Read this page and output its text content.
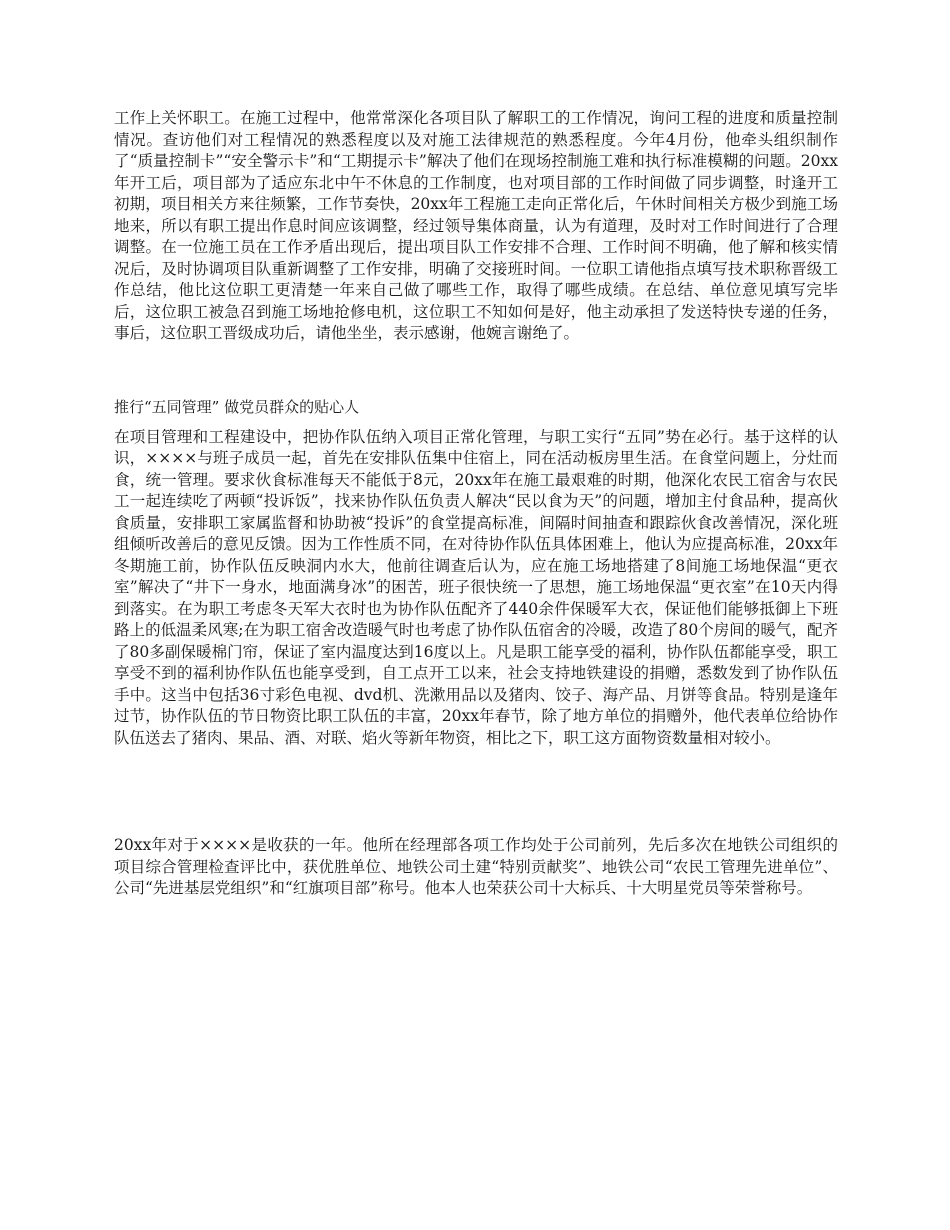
工作上关怀职工。在施工过程中，他常常深化各项目队了解职工的工作情况，询问工程的进度和质量控制情况。查访他们对工程情况的熟悉程度以及对施工法律规范的熟悉程度。今年4月份，他牵头组织制作了“质量控制卡”“安全警示卡”和“工期提示卡”解决了他们在现场控制施工难和执行标准模糊的问题。20xx年开工后，项目部为了适应东北中午不休息的工作制度，也对项目部的工作时间做了同步调整，时逢开工初期，项目相关方来往频繁，工作节奏快，20xx年工程施工走向正常化后，午休时间相关方极少到施工场地来，所以有职工提出作息时间应该调整，经过领导集体商量，认为有道理，及时对工作时间进行了合理调整。在一位施工员在工作矛盾出现后，提出项目队工作安排不合理、工作时间不明确，他了解和核实情况后，及时协调项目队重新调整了工作安排，明确了交接班时间。一位职工请他指点填写技术职称晋级工作总结，他比这位职工更清楚一年来自己做了哪些工作，取得了哪些成绩。在总结、单位意见填写完毕后，这位职工被急召到施工场地抢修电机，这位职工不知如何是好，他主动承担了发送特快专递的任务，事后，这位职工晋级成功后，请他坐坐，表示感谢，他婉言谢绝了。

推行“五同管理” 做党员群众的贴心人

在项目管理和工程建设中，把协作队伍纳入项目正常化管理，与职工实行“五同”势在必行。基于这样的认识，××××与班子成员一起，首先在安排队伍集中住宿上，同在活动板房里生活。在食堂问题上，分灶而食，统一管理。要求伙食标准每天不能低于8元，20xx年在施工最艰难的时期，他深化农民工宿舍与农民工一起连续吃了两顿“投诉饭”，找来协作队伍负责人解决“民以食为天”的问题，增加主付食品种，提高伙食质量，安排职工家属监督和协助被“投诉”的食堂提高标准，间隔时间抽查和跟踪伙食改善情况，深化班组倾听改善后的意见反馈。因为工作性质不同，在对待协作队伍具体困难上，他认为应提高标准，20xx年冬期施工前，协作队伍反映洞内水大，他前往调查后认为，应在施工场地搭建了8间施工场地保温“更衣室”解决了“井下一身水，地面满身冰”的困苦，班子很快统一了思想，施工场地保温“更衣室”在10天内得到落实。在为职工考虑冬天军大衣时也为协作队伍配齐了440余件保暖军大衣，保证他们能够抵御上下班路上的低温柔风寒;在为职工宿舍改造暖气时也考虑了协作队伍宿舍的冷暖，改造了80个房间的暖气，配齐了80多副保暖棉门帘，保证了室内温度达到16度以上。凡是职工能享受的福利，协作队伍都能享受，职工享受不到的福利协作队伍也能享受到，自工点开工以来，社会支持地铁建设的捐赠，悉数发到了协作队伍手中。这当中包括36寸彩色电视、dvd机、洗漱用品以及猪肉、饺子、海产品、月饼等食品。特别是逢年过节，协作队伍的节日物资比职工队伍的丰富，20xx年春节，除了地方单位的捐赠外，他代表单位给协作队伍送去了猪肉、果品、酒、对联、焰火等新年物资，相比之下，职工这方面物资数量相对较小。

20xx年对于××××是收获的一年。他所在经理部各项工作均处于公司前列，先后多次在地铁公司组织的项目综合管理检查评比中，获优胜单位、地铁公司土建“特别贡献奖”、地铁公司“农民工管理先进单位”、公司“先进基层党组织”和“红旗项目部”称号。他本人也荣获公司十大标兵、十大明星党员等荣誉称号。
